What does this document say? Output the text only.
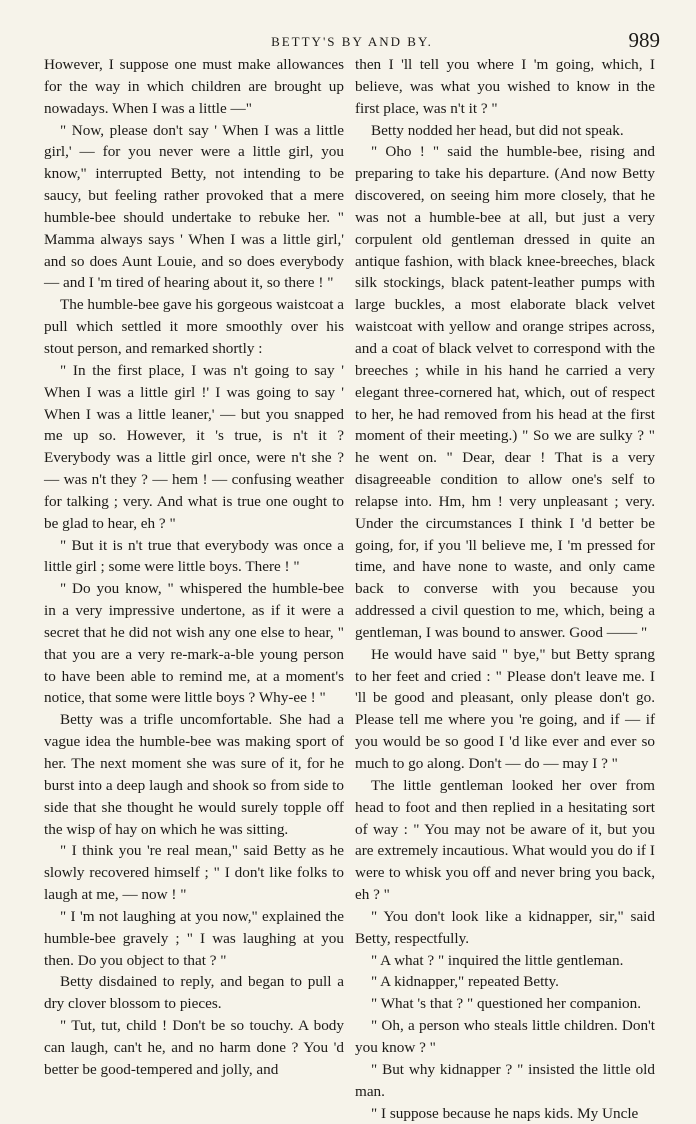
BETTY'S BY AND BY.	989

However, I suppose one must make allowances for the way in which children are brought up nowadays. When I was a little —"

" Now, please don't say ' When I was a little girl,' — for you never were a little girl, you know," interrupted Betty, not intending to be saucy, but feeling rather provoked that a mere humble-bee should undertake to rebuke her. " Mamma always says ' When I was a little girl,' and so does Aunt Louie, and so does everybody — and I 'm tired of hearing about it, so there ! "

The humble-bee gave his gorgeous waistcoat a pull which settled it more smoothly over his stout person, and remarked shortly :

" In the first place, I was n't going to say ' When I was a little girl !' I was going to say ' When I was a little leaner,' — but you snapped me up so. However, it 's true, is n't it ? Everybody was a little girl once, were n't she ? — was n't they ? — hem ! — confusing weather for talking ; very. And what is true one ought to be glad to hear, eh ? "

" But it is n't true that everybody was once a little girl ; some were little boys. There ! "

" Do you know, " whispered the humble-bee in a very impressive undertone, as if it were a secret that he did not wish any one else to hear, " that you are a very re-mark-a-ble young person to have been able to remind me, at a moment's notice, that some were little boys ? Why-ee ! "

Betty was a trifle uncomfortable. She had a vague idea the humble-bee was making sport of her. The next moment she was sure of it, for he burst into a deep laugh and shook so from side to side that she thought he would surely topple off the wisp of hay on which he was sitting.

" I think you 're real mean," said Betty as he slowly recovered himself ; " I don't like folks to laugh at me, — now ! "

" I 'm not laughing at you now," explained the humble-bee gravely ; " I was laughing at you then. Do you object to that ? "

Betty disdained to reply, and began to pull a dry clover blossom to pieces.

" Tut, tut, child ! Don't be so touchy. A body can laugh, can't he, and no harm done ? You 'd better be good-tempered and jolly, and

then I 'll tell you where I 'm going, which, I believe, was what you wished to know in the first place, was n't it ? "

Betty nodded her head, but did not speak.

" Oho ! " said the humble-bee, rising and preparing to take his departure. (And now Betty discovered, on seeing him more closely, that he was not a humble-bee at all, but just a very corpulent old gentleman dressed in quite an antique fashion, with black knee-breeches, black silk stockings, black patent-leather pumps with large buckles, a most elaborate black velvet waistcoat with yellow and orange stripes across, and a coat of black velvet to correspond with the breeches ; while in his hand he carried a very elegant three-cornered hat, which, out of respect to her, he had removed from his head at the first moment of their meeting.) " So we are sulky ? " he went on. " Dear, dear ! That is a very disagreeable condition to allow one's self to relapse into. Hm, hm ! very unpleasant ; very. Under the circumstances I think I 'd better be going, for, if you 'll believe me, I 'm pressed for time, and have none to waste, and only came back to converse with you because you addressed a civil question to me, which, being a gentleman, I was bound to answer. Good —— "

He would have said " bye," but Betty sprang to her feet and cried : " Please don't leave me. I 'll be good and pleasant, only please don't go. Please tell me where you 're going, and if — if you would be so good I 'd like ever and ever so much to go along. Don't — do — may I ? "

The little gentleman looked her over from head to foot and then replied in a hesitating sort of way : " You may not be aware of it, but you are extremely incautious. What would you do if I were to whisk you off and never bring you back, eh ? "

" You don't look like a kidnapper, sir," said Betty, respectfully.

" A what ? " inquired the little gentleman.

" A kidnapper," repeated Betty.

" What 's that ? " questioned her companion.

" Oh, a person who steals little children. Don't you know ? "

" But why kidnapper ? " insisted the little old man.

" I suppose because he naps kids. My Uncle
